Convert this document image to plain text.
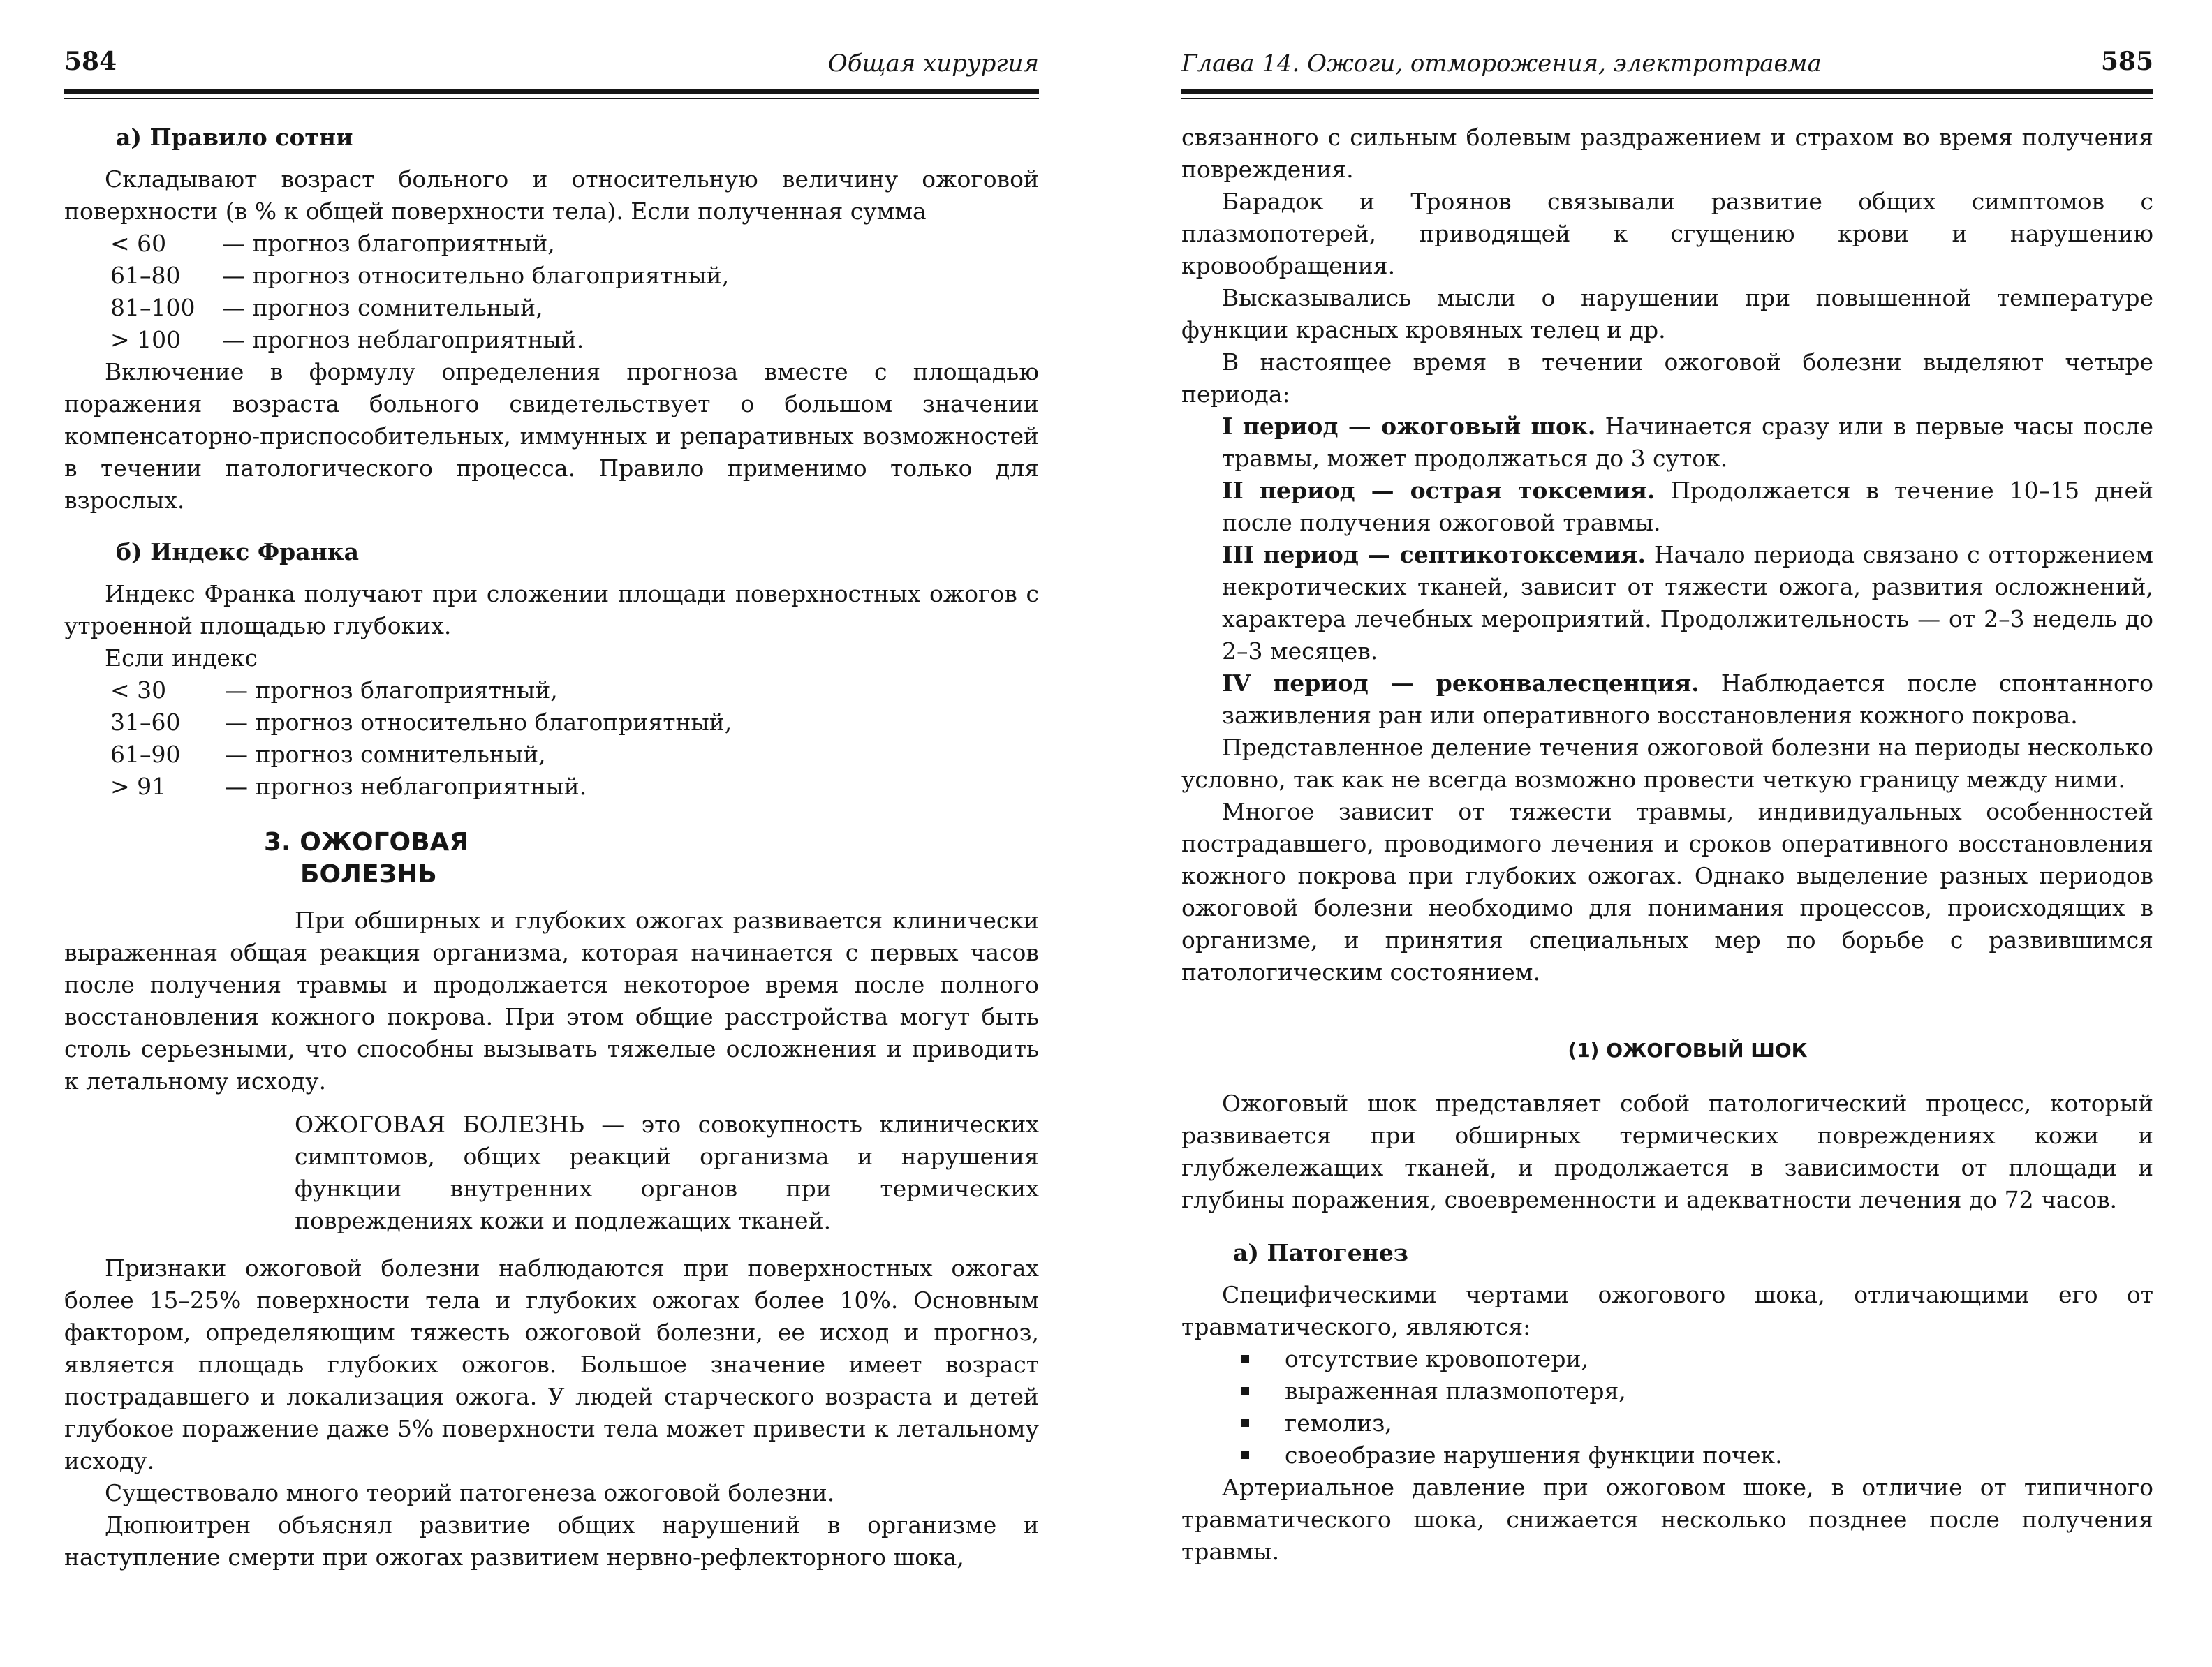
584	Общая хирургия

а) Правило сотни

Складывают возраст больного и относительную величину ожоговой поверхности (в % к общей поверхности тела). Если полученная сумма

< 60	— прогноз благоприятный,
61–80	— прогноз относительно благоприятный,
81–100	— прогноз сомнительный,
> 100	— прогноз неблагоприятный.

Включение в формулу определения прогноза вместе с площадью поражения возраста больного свидетельствует о большом значении компенсаторно-приспособительных, иммунных и репаративных возможностей в течении патологического процесса. Правило применимо только для взрослых.

б) Индекс Франка

Индекс Франка получают при сложении площади поверхностных ожогов с утроенной площадью глубоких.

Если индекс

< 30	— прогноз благоприятный,
31–60	— прогноз относительно благоприятный,
61–90	— прогноз сомнительный,
> 91	— прогноз неблагоприятный.
3. ОЖОГОВАЯ
БОЛЕЗНЬ

При обширных и глубоких ожогах развивается клинически выраженная общая реакция организма, которая начинается с первых часов после получения травмы и продолжается некоторое время после полного восстановления кожного покрова. При этом общие расстройства могут быть столь серьезными, что способны вызывать тяжелые осложнения и приводить к летальному исходу.

ОЖОГОВАЯ БОЛЕЗНЬ — это совокупность клинических симптомов, общих реакций организма и нарушения функции внутренних органов при термических повреждениях кожи и подлежащих тканей.

Признаки ожоговой болезни наблюдаются при поверхностных ожогах более 15–25% поверхности тела и глубоких ожогах более 10%. Основным фактором, определяющим тяжесть ожоговой болезни, ее исход и прогноз, является площадь глубоких ожогов. Большое значение имеет возраст пострадавшего и локализация ожога. У людей старческого возраста и детей глубокое поражение даже 5% поверхности тела может привести к летальному исходу.

Существовало много теорий патогенеза ожоговой болезни.

Дюпюитрен объяснял развитие общих нарушений в организме и наступление смерти при ожогах развитием нервно-рефлекторного шока,

Глава 14. Ожоги, отморожения, электротравма	585

связанного с сильным болевым раздражением и страхом во время получения повреждения.

Барадок и Троянов связывали развитие общих симптомов с плазмопотерей, приводящей к сгущению крови и нарушению кровообращения.

Высказывались мысли о нарушении при повышенной температуре функции красных кровяных телец и др.

В настоящее время в течении ожоговой болезни выделяют четыре периода:

I период — ожоговый шок. Начинается сразу или в первые часы после травмы, может продолжаться до 3 суток.

II период — острая токсемия. Продолжается в течение 10–15 дней после получения ожоговой травмы.

III период — септикотоксемия. Начало периода связано с отторжением некротических тканей, зависит от тяжести ожога, развития осложнений, характера лечебных мероприятий. Продолжительность — от 2–3 недель до 2–3 месяцев.

IV период — реконвалесценция. Наблюдается после спонтанного заживления ран или оперативного восстановления кожного покрова.

Представленное деление течения ожоговой болезни на периоды несколько условно, так как не всегда возможно провести четкую границу между ними.

Многое зависит от тяжести травмы, индивидуальных особенностей пострадавшего, проводимого лечения и сроков оперативного восстановления кожного покрова при глубоких ожогах. Однако выделение разных периодов ожоговой болезни необходимо для понимания процессов, происходящих в организме, и принятия специальных мер по борьбе с развившимся патологическим состоянием.

(1) ОЖОГОВЫЙ ШОК

Ожоговый шок представляет собой патологический процесс, который развивается при обширных термических повреждениях кожи и глубжележащих тканей, и продолжается в зависимости от площади и глубины поражения, своевременности и адекватности лечения до 72 часов.

а) Патогенез

Специфическими чертами ожогового шока, отличающими его от травматического, являются:

отсутствие кровопотери,
выраженная плазмопотеря,
гемолиз,
своеобразие нарушения функции почек.

Артериальное давление при ожоговом шоке, в отличие от типичного травматического шока, снижается несколько позднее после получения травмы.
